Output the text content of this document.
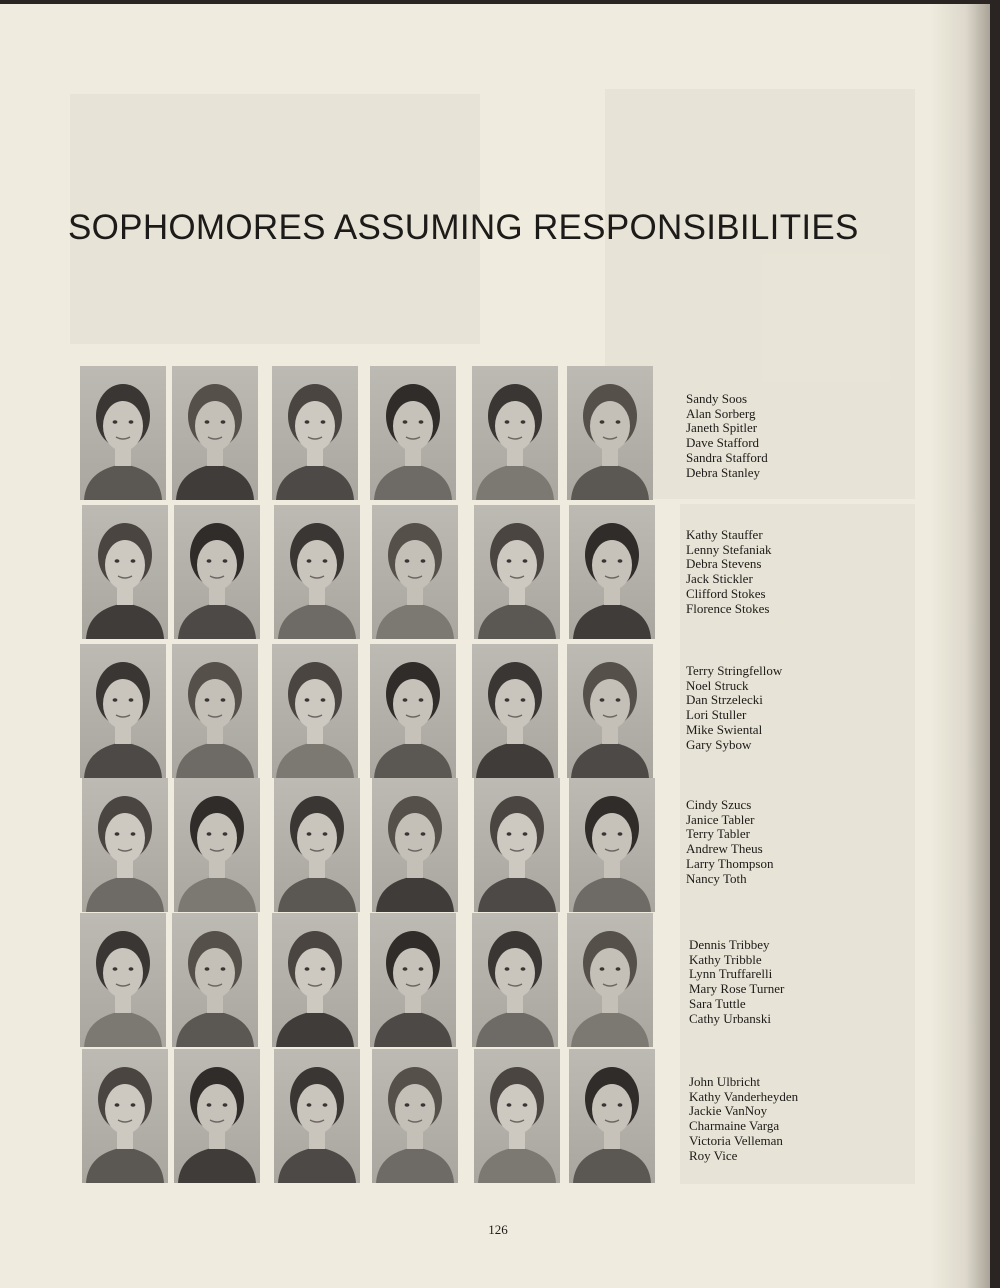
SOPHOMORES ASSUMING RESPONSIBILITIES
Sandy Soos
Alan Sorberg
Janeth Spitler
Dave Stafford
Sandra Stafford
Debra Stanley
Kathy Stauffer
Lenny Stefaniak
Debra Stevens
Jack Stickler
Clifford Stokes
Florence Stokes
Terry Stringfellow
Noel Struck
Dan Strzelecki
Lori Stuller
Mike Swiental
Gary Sybow
Cindy Szucs
Janice Tabler
Terry Tabler
Andrew Theus
Larry Thompson
Nancy Toth
Dennis Tribbey
Kathy Tribble
Lynn Truffarelli
Mary Rose Turner
Sara Tuttle
Cathy Urbanski
John Ulbricht
Kathy Vanderheyden
Jackie VanNoy
Charmaine Varga
Victoria Velleman
Roy Vice
126
